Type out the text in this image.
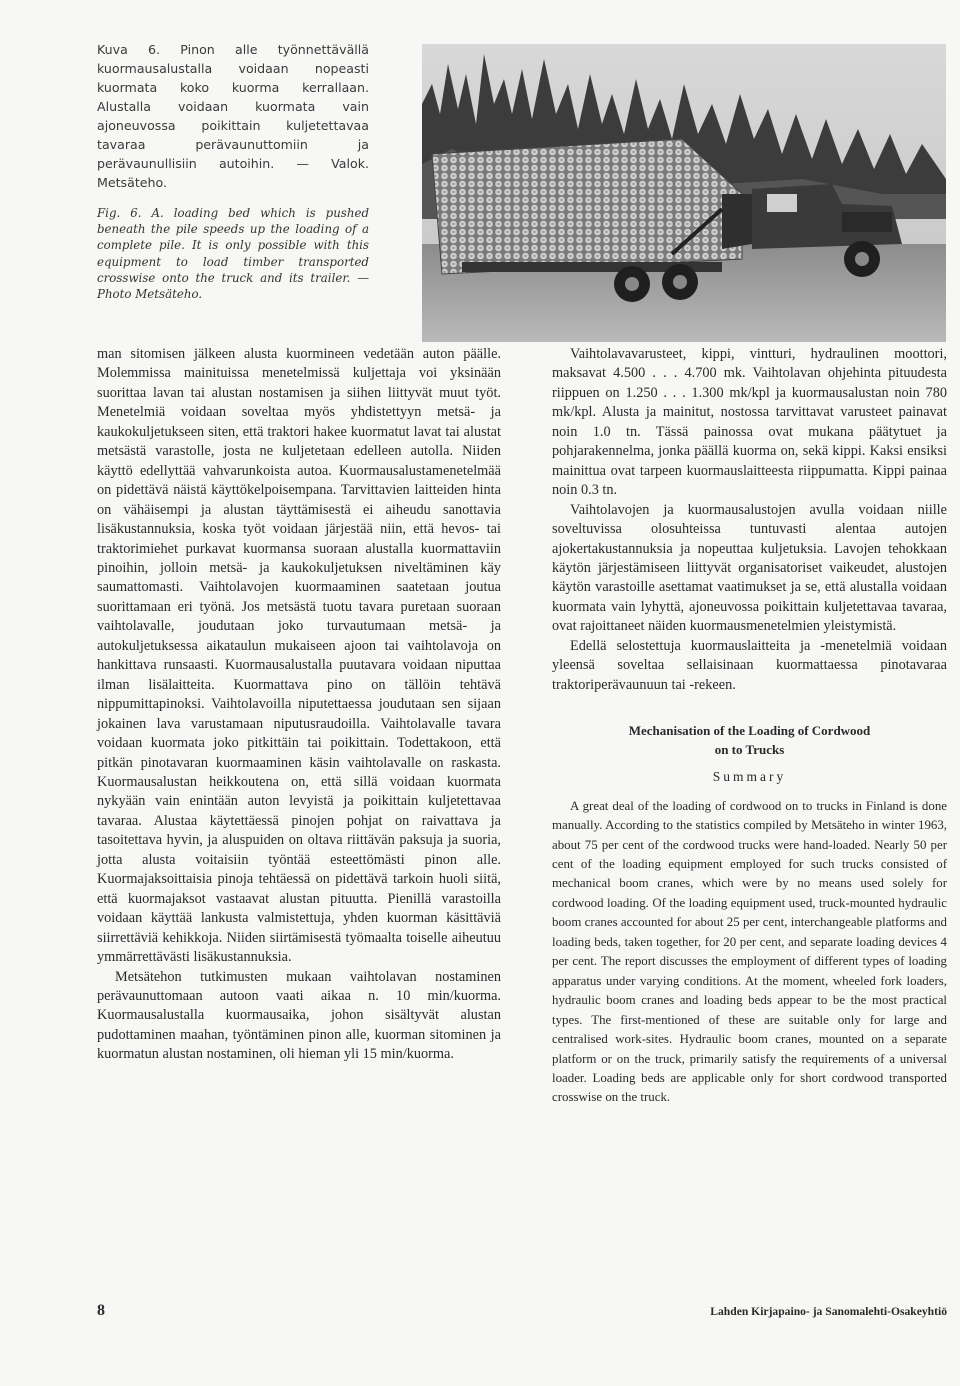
Kuva 6. Pinon alle työnnettävällä kuormausalustalla voidaan nopeasti kuormata koko kuorma kerrallaan. Alustalla voidaan kuormata vain ajoneuvossa poikittain kuljetettavaa tavaraa perävaunuttomiin ja perävaunullisiin autoihin. — Valok. Metsäteho.

Fig. 6. A. loading bed which is pushed beneath the pile speeds up the loading of a complete pile. It is only possible with this equipment to load timber transported crosswise onto the truck and its trailer. — Photo Metsäteho.

man sitomisen jälkeen alusta kuormineen vedetään auton päälle. Molemmissa mainituissa menetelmissä kuljettaja voi yksinään suorittaa lavan tai alustan nostamisen ja siihen liittyvät muut työt. Menetelmiä voidaan soveltaa myös yhdistettyyn metsä- ja kaukokuljetukseen siten, että traktori hakee kuormatut lavat tai alustat metsästä varastolle, josta ne kuljetetaan edelleen autolla. Niiden käyttö edellyttää vahvarunkoista autoa. Kuormausalustamenetelmää on pidettävä näistä käyttökelpoisempana. Tarvittavien laitteiden hinta on vähäisempi ja alustan täyttämisestä ei aiheudu sanottavia lisäkustannuksia, koska työt voidaan järjestää niin, että hevos- tai traktorimiehet purkavat kuormansa suoraan alustalla kuormattaviin pinoihin, jolloin metsä- ja kaukokuljetuksen niveltäminen käy saumattomasti. Vaihtolavojen kuormaaminen saatetaan joutua suorittamaan eri työnä. Jos metsästä tuotu tavara puretaan suoraan vaihtolavalle, joudutaan joko turvautumaan metsä- ja autokuljetuksessa aikataulun mukaiseen ajoon tai vaihtolavoja on hankittava runsaasti. Kuormausalustalla puutavara voidaan niputtaa ilman lisälaitteita. Kuormattava pino on tällöin tehtävä nippumittapinoksi. Vaihtolavoilla niputettaessa joudutaan sen sijaan jokainen lava varustamaan niputusraudoilla. Vaihtolavalle tavara voidaan kuormata joko pitkittäin tai poikittain. Todettakoon, että pitkän pinotavaran kuormaaminen käsin vaihtolavalle on raskasta. Kuormausalustan heikkoutena on, että sillä voidaan kuormata nykyään vain enintään auton levyistä ja poikittain kuljetettavaa tavaraa. Alustaa käytettäessä pinojen pohjat on raivattava ja tasoitettava hyvin, ja aluspuiden on oltava riittävän paksuja ja suoria, jotta alusta voitaisiin työntää esteettömästi pinon alle. Kuormajaksoittaisia pinoja tehtäessä on pidettävä tarkoin huoli siitä, että kuormajaksot vastaavat alustan pituutta. Pienillä varastoilla voidaan käyttää lankusta valmistettuja, yhden kuorman käsittäviä siirrettäviä kehikkoja. Niiden siirtämisestä työmaalta toiselle aiheutuu ymmärrettävästi lisäkustannuksia.

Metsätehon tutkimusten mukaan vaihtolavan nostaminen perävaunuttomaan autoon vaati aikaa n. 10 min/kuorma. Kuormausalustalla kuormausaika, johon sisältyvät alustan pudottaminen maahan, työntäminen pinon alle, kuorman sitominen ja kuormatun alustan nostaminen, oli hieman yli 15 min/kuorma.

Vaihtolavavarusteet, kippi, vintturi, hydraulinen moottori, maksavat 4.500 . . . 4.700 mk. Vaihtolavan ohjehinta pituudesta riippuen on 1.250 . . . 1.300 mk/kpl ja kuormausalustan noin 780 mk/kpl. Alusta ja mainitut, nostossa tarvittavat varusteet painavat noin 1.0 tn. Tässä painossa ovat mukana päätytuet ja pohjarakennelma, jonka päällä kuorma on, sekä kippi. Kaksi ensiksi mainittua ovat tarpeen kuormauslaitteesta riippumatta. Kippi painaa noin 0.3 tn.

Vaihtolavojen ja kuormausalustojen avulla voidaan niille soveltuvissa olosuhteissa tuntuvasti alentaa autojen ajokertakustannuksia ja nopeuttaa kuljetuksia. Lavojen tehokkaan käytön järjestämiseen liittyvät organisatoriset vaikeudet, alustojen käytön varastoille asettamat vaatimukset ja se, että alustalla voidaan kuormata vain lyhyttä, ajoneuvossa poikittain kuljetettavaa tavaraa, ovat rajoittaneet näiden kuormausmenetelmien yleistymistä.

Edellä selostettuja kuormauslaitteita ja -menetelmiä voidaan yleensä soveltaa sellaisinaan kuormattaessa pinotavaraa traktoriperävaunuun tai -rekeen.

Mechanisation of the Loading of Cordwood
on to Trucks
Summary

A great deal of the loading of cordwood on to trucks in Finland is done manually. According to the statistics compiled by Metsäteho in winter 1963, about 75 per cent of the cordwood trucks were hand-loaded. Nearly 50 per cent of the loading equipment employed for such trucks consisted of mechanical boom cranes, which were by no means used solely for cordwood loading. Of the loading equipment used, truck-mounted hydraulic boom cranes accounted for about 25 per cent, interchangeable platforms and loading beds, taken together, for 20 per cent, and separate loading devices 4 per cent. The report discusses the employment of different types of loading apparatus under varying conditions. At the moment, wheeled fork loaders, hydraulic boom cranes and loading beds appear to be the most practical types. The first-mentioned of these are suitable only for large and centralised work-sites. Hydraulic boom cranes, mounted on a separate platform or on the truck, primarily satisfy the requirements of a universal loader. Loading beds are applicable only for short cordwood transported crosswise on the truck.

8	Lahden Kirjapaino- ja Sanomalehti-Osakeyhtiö
